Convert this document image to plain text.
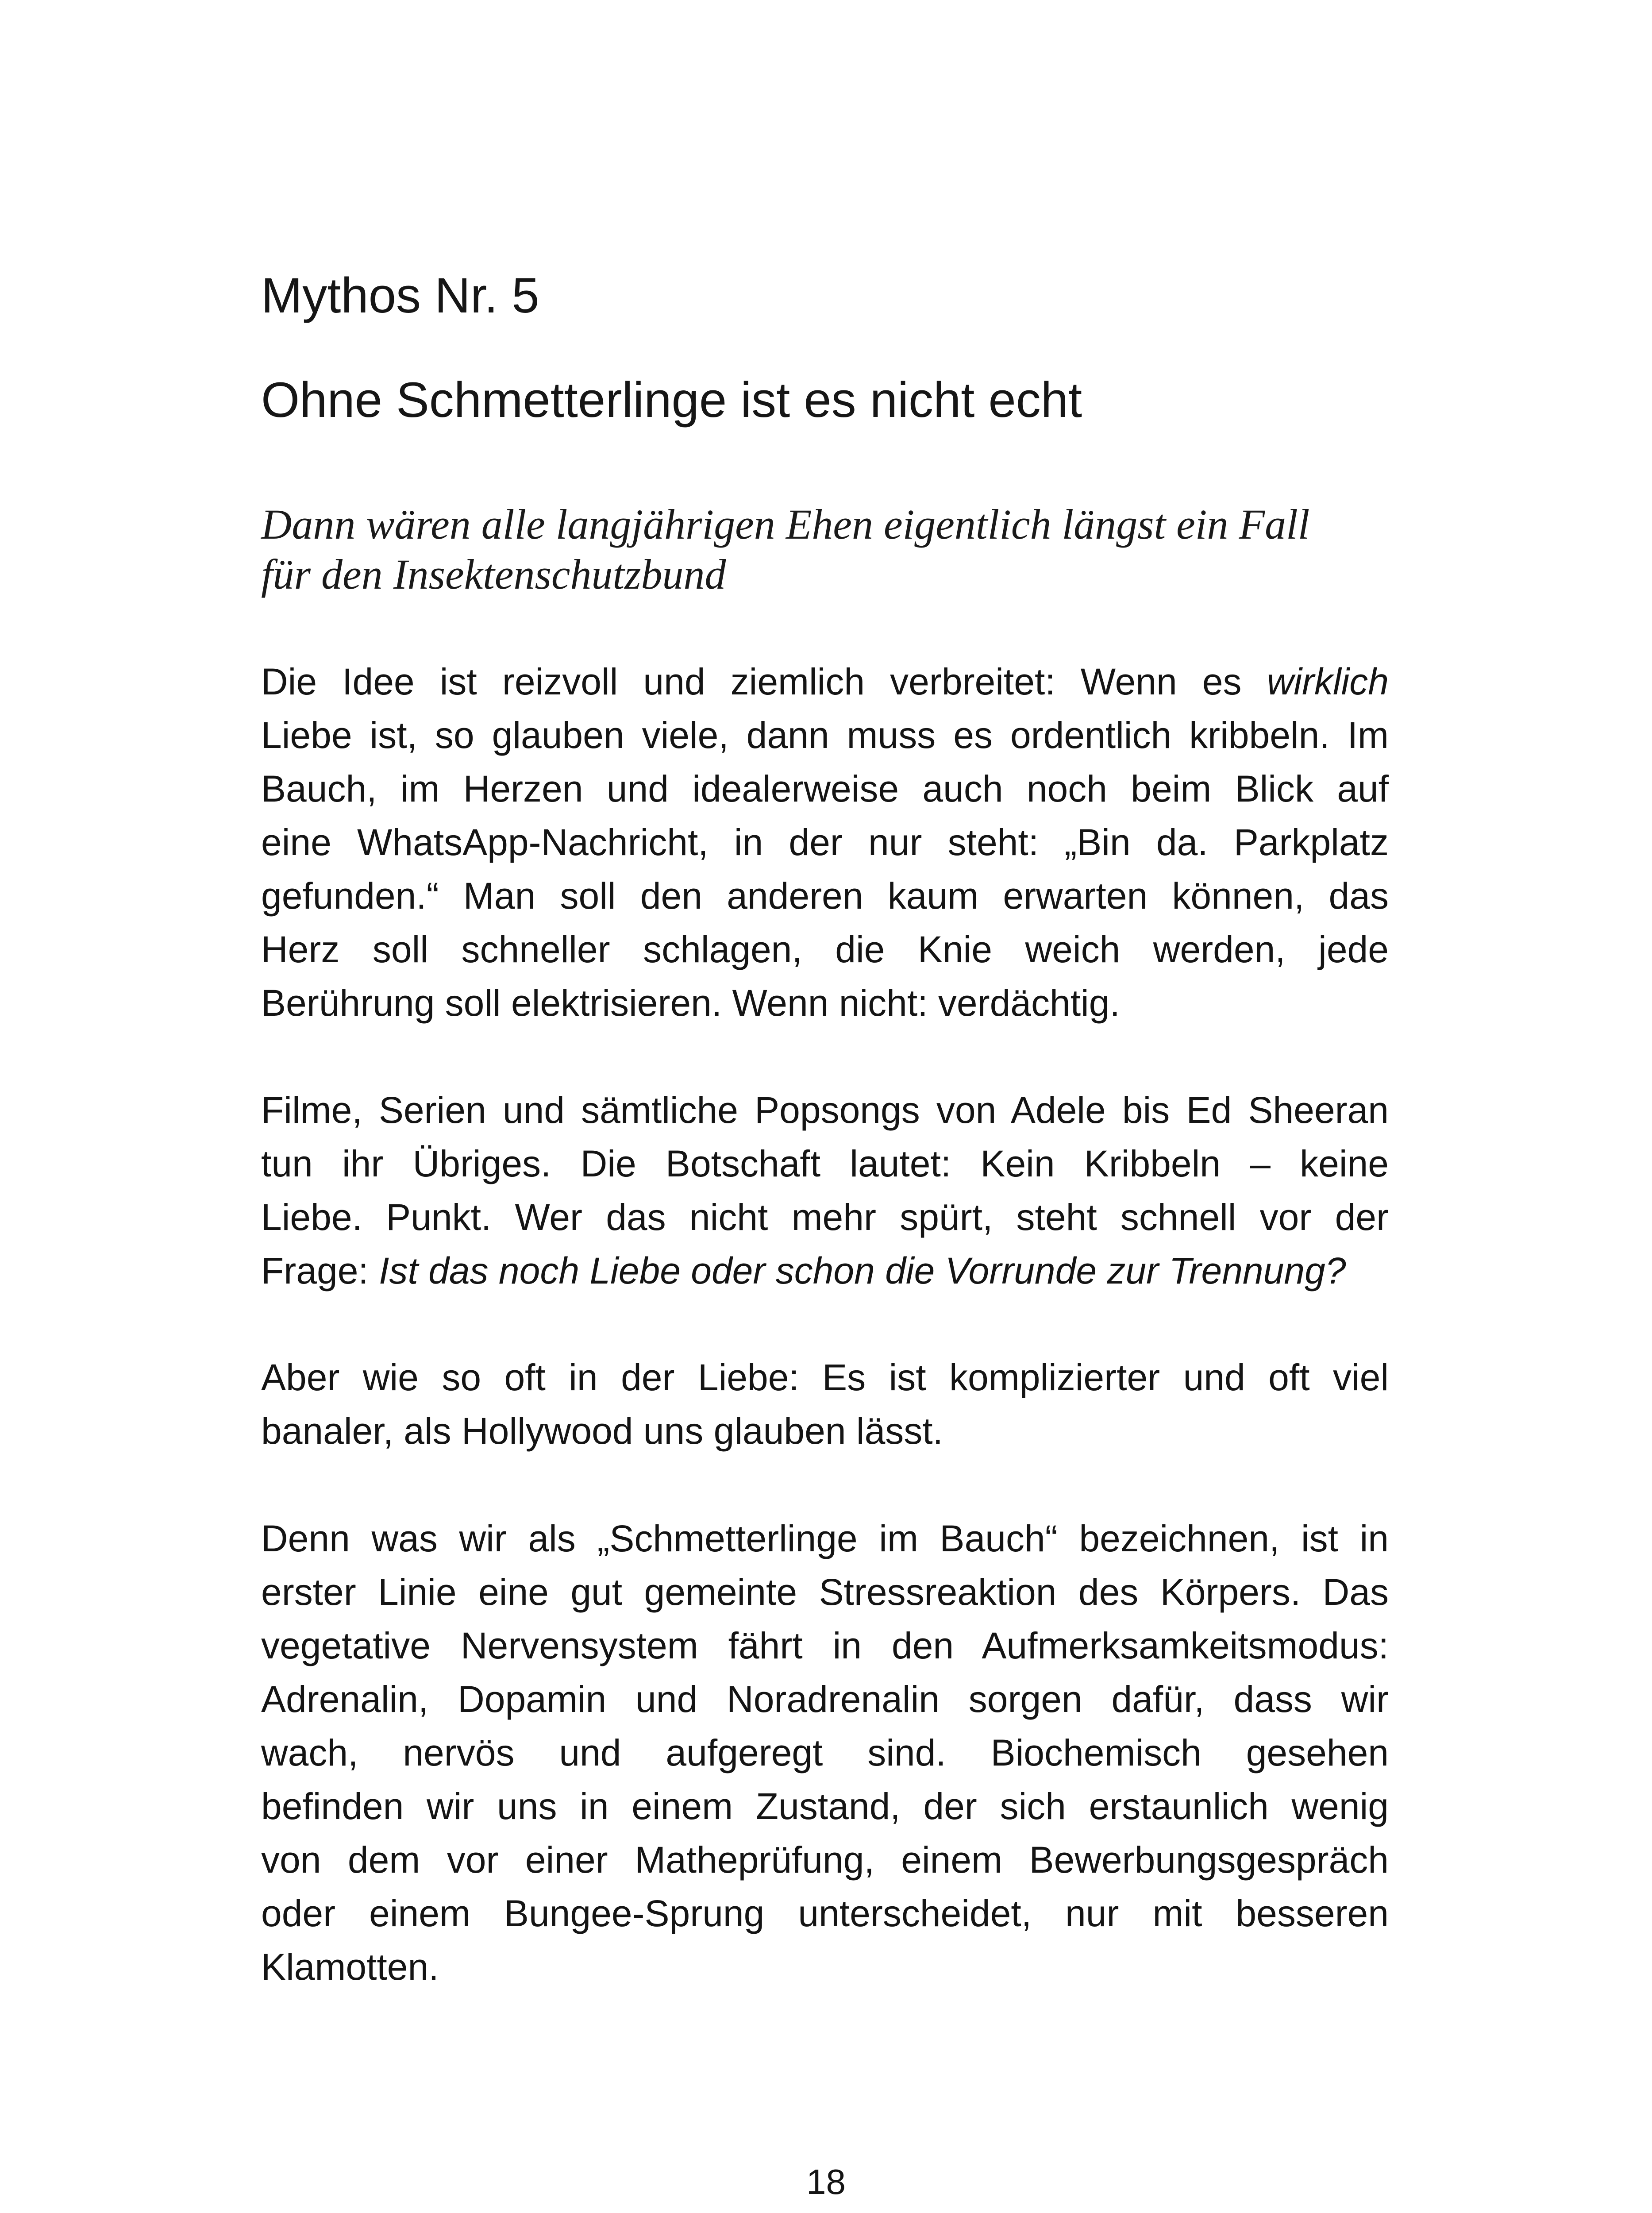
Mythos Nr. 5
Ohne Schmetterlinge ist es nicht echt

Dann wären alle langjährigen Ehen eigentlich längst ein Fall
für den Insektenschutzbund

Die Idee ist reizvoll und ziemlich verbreitet: Wenn es wirklich
Liebe ist, so glauben viele, dann muss es ordentlich kribbeln. Im
Bauch, im Herzen und idealerweise auch noch beim Blick auf
eine WhatsApp-Nachricht, in der nur steht: „Bin da. Parkplatz
gefunden.“ Man soll den anderen kaum erwarten können, das
Herz soll schneller schlagen, die Knie weich werden, jede
Berührung soll elektrisieren. Wenn nicht: verdächtig.

Filme, Serien und sämtliche Popsongs von Adele bis Ed Sheeran
tun ihr Übriges. Die Botschaft lautet: Kein Kribbeln – keine
Liebe. Punkt. Wer das nicht mehr spürt, steht schnell vor der
Frage: Ist das noch Liebe oder schon die Vorrunde zur Trennung?

Aber wie so oft in der Liebe: Es ist komplizierter und oft viel
banaler, als Hollywood uns glauben lässt.

Denn was wir als „Schmetterlinge im Bauch“ bezeichnen, ist in
erster Linie eine gut gemeinte Stressreaktion des Körpers. Das
vegetative Nervensystem fährt in den Aufmerksamkeitsmodus:
Adrenalin, Dopamin und Noradrenalin sorgen dafür, dass wir
wach, nervös und aufgeregt sind. Biochemisch gesehen
befinden wir uns in einem Zustand, der sich erstaunlich wenig
von dem vor einer Matheprüfung, einem Bewerbungsgespräch
oder einem Bungee-Sprung unterscheidet, nur mit besseren
Klamotten.

18
